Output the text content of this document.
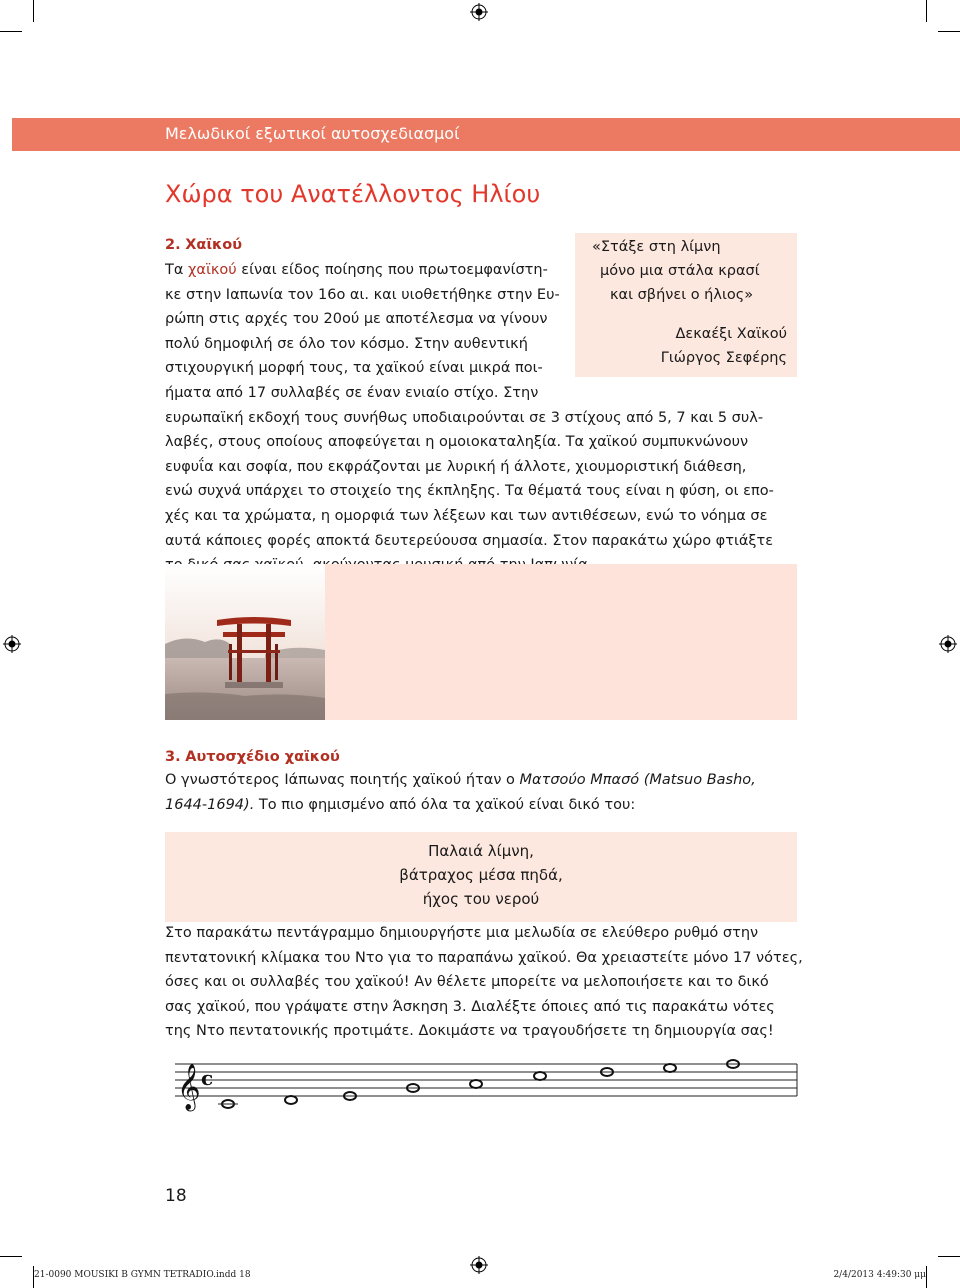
Μελωδικοί εξωτικοί αυτοσχεδιασμοί
Χώρα του Ανατέλλοντος Ηλίου
2. Χαϊκού
Τα χαϊκού είναι είδος ποίησης που πρωτοεμφανίστη-
κε στην Ιαπωνία τον 16ο αι. και υιοθετήθηκε στην Ευ-
ρώπη στις αρχές του 20ού με αποτέλεσμα να γίνουν
πολύ δημοφιλή σε όλο τον κόσμο. Στην αυθεντική
στιχουργική μορφή τους, τα χαϊκού είναι μικρά ποι-
ήματα από 17 συλλαβές σε έναν ενιαίο στίχο. Στην
ευρωπαϊκή εκδοχή τους συνήθως υποδιαιρούνται σε 3 στίχους από 5, 7 και 5 συλ-
λαβές, στους οποίους αποφεύγεται η ομοιοκαταληξία. Τα χαϊκού συμπυκνώνουν
ευφυΐα και σοφία, που εκφράζονται με λυρική ή άλλοτε, χιουμοριστική διάθεση,
ενώ συχνά υπάρχει το στοιχείο της έκπληξης. Τα θέματά τους είναι η φύση, οι επο-
χές και τα χρώματα, η ομορφιά των λέξεων και των αντιθέσεων, ενώ το νόημα σε
αυτά κάποιες φορές αποκτά δευτερεύουσα σημασία. Στον παρακάτω χώρο φτιάξτε
«Στάξε στη λίμνη
μόνο μια στάλα κρασί
και σβήνει ο ήλιος»
Δεκαέξι Χαϊκού
Γιώργος Σεφέρης
3. Αυτοσχέδιο χαϊκού
Ο γνωστότερος Ιάπωνας ποιητής χαϊκού ήταν ο Ματσούο Μπασό (Matsuo Basho,
1644-1694). Το πιο φημισμένο από όλα τα χαϊκού είναι δικό του:
Παλαιά λίμνη,
βάτραχος μέσα πηδά,
ήχος του νερού
Στο παρακάτω πεντάγραμμο δημιουργήστε μια μελωδία σε ελεύθερο ρυθμό στην
πεντατονική κλίμακα του Ντο για το παραπάνω χαϊκού. Θα χρειαστείτε μόνο 17 νότες,
όσες και οι συλλαβές του χαϊκού! Αν θέλετε μπορείτε να μελοποιήσετε και το δικό
σας χαϊκού, που γράψατε στην Άσκηση 3. Διαλέξτε όποιες από τις παρακάτω νότες
της Ντο πεντατονικής προτιμάτε. Δοκιμάστε να τραγουδήσετε τη δημιουργία σας!
𝄞 c
18
21-0090 MOUSIKI B GYMN TETRADIO.indd 18	2/4/2013 4:49:30 μμ
